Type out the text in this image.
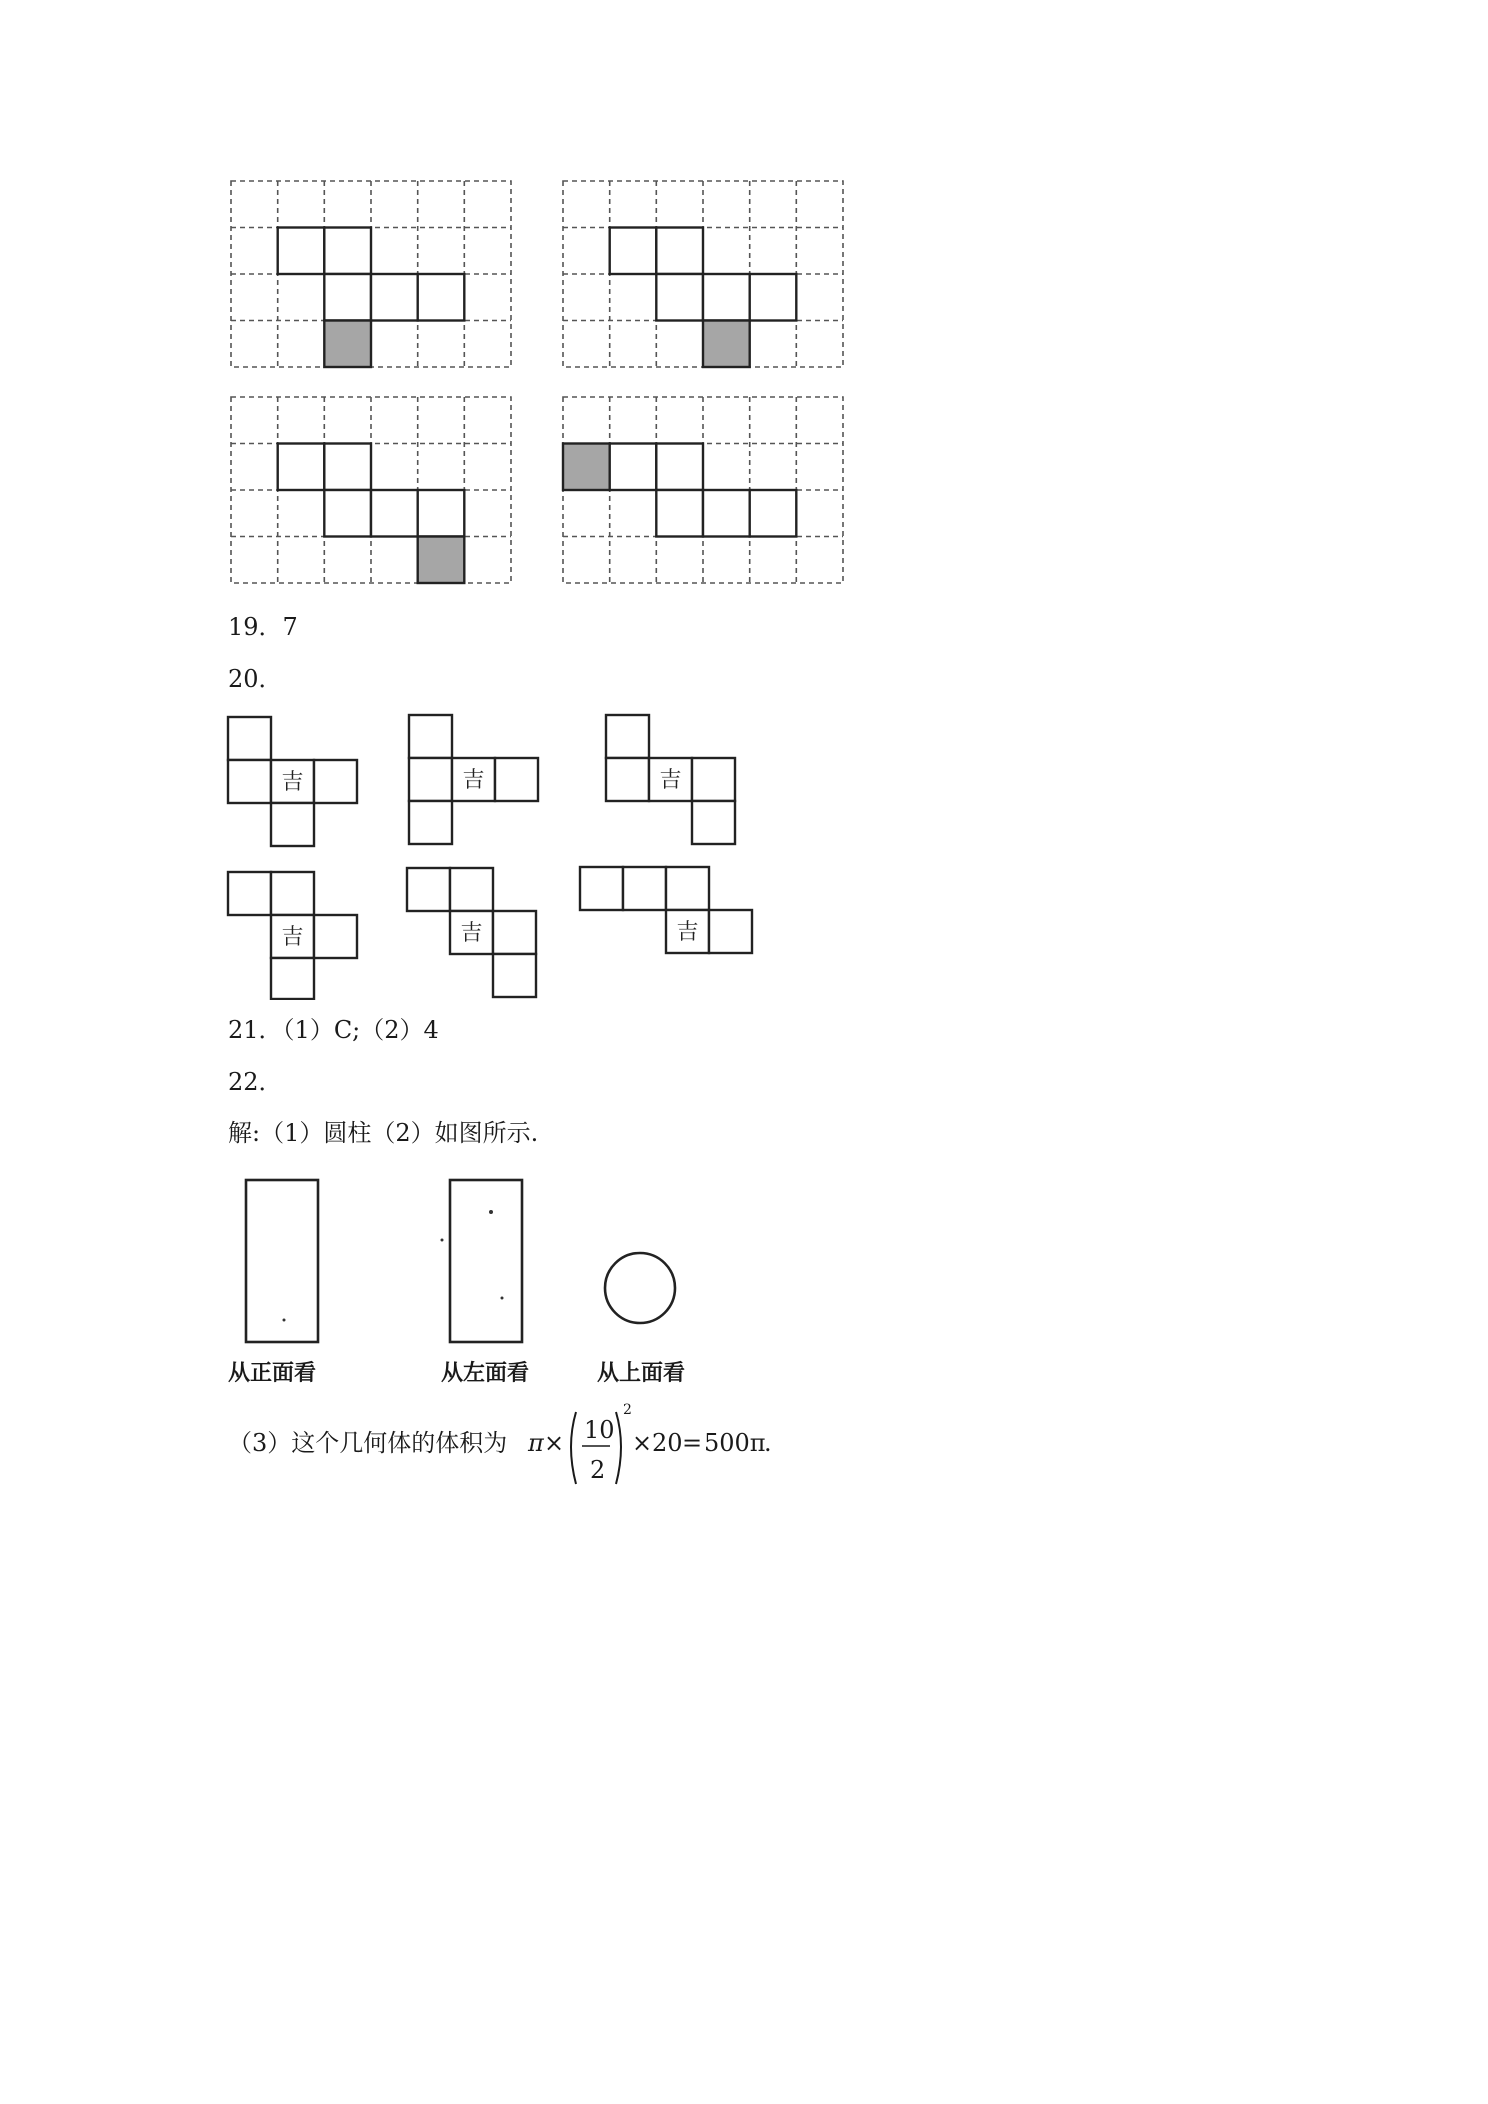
19．7
20．
吉	吉	吉
吉	吉	吉
21．（1）C;（2）4
22．
解:（1）圆柱（2）如图所示.
从正面看	从左面看	从上面看
（3）这个几何体的体积为 π × 10
2
2
× 20 = 500π
.
